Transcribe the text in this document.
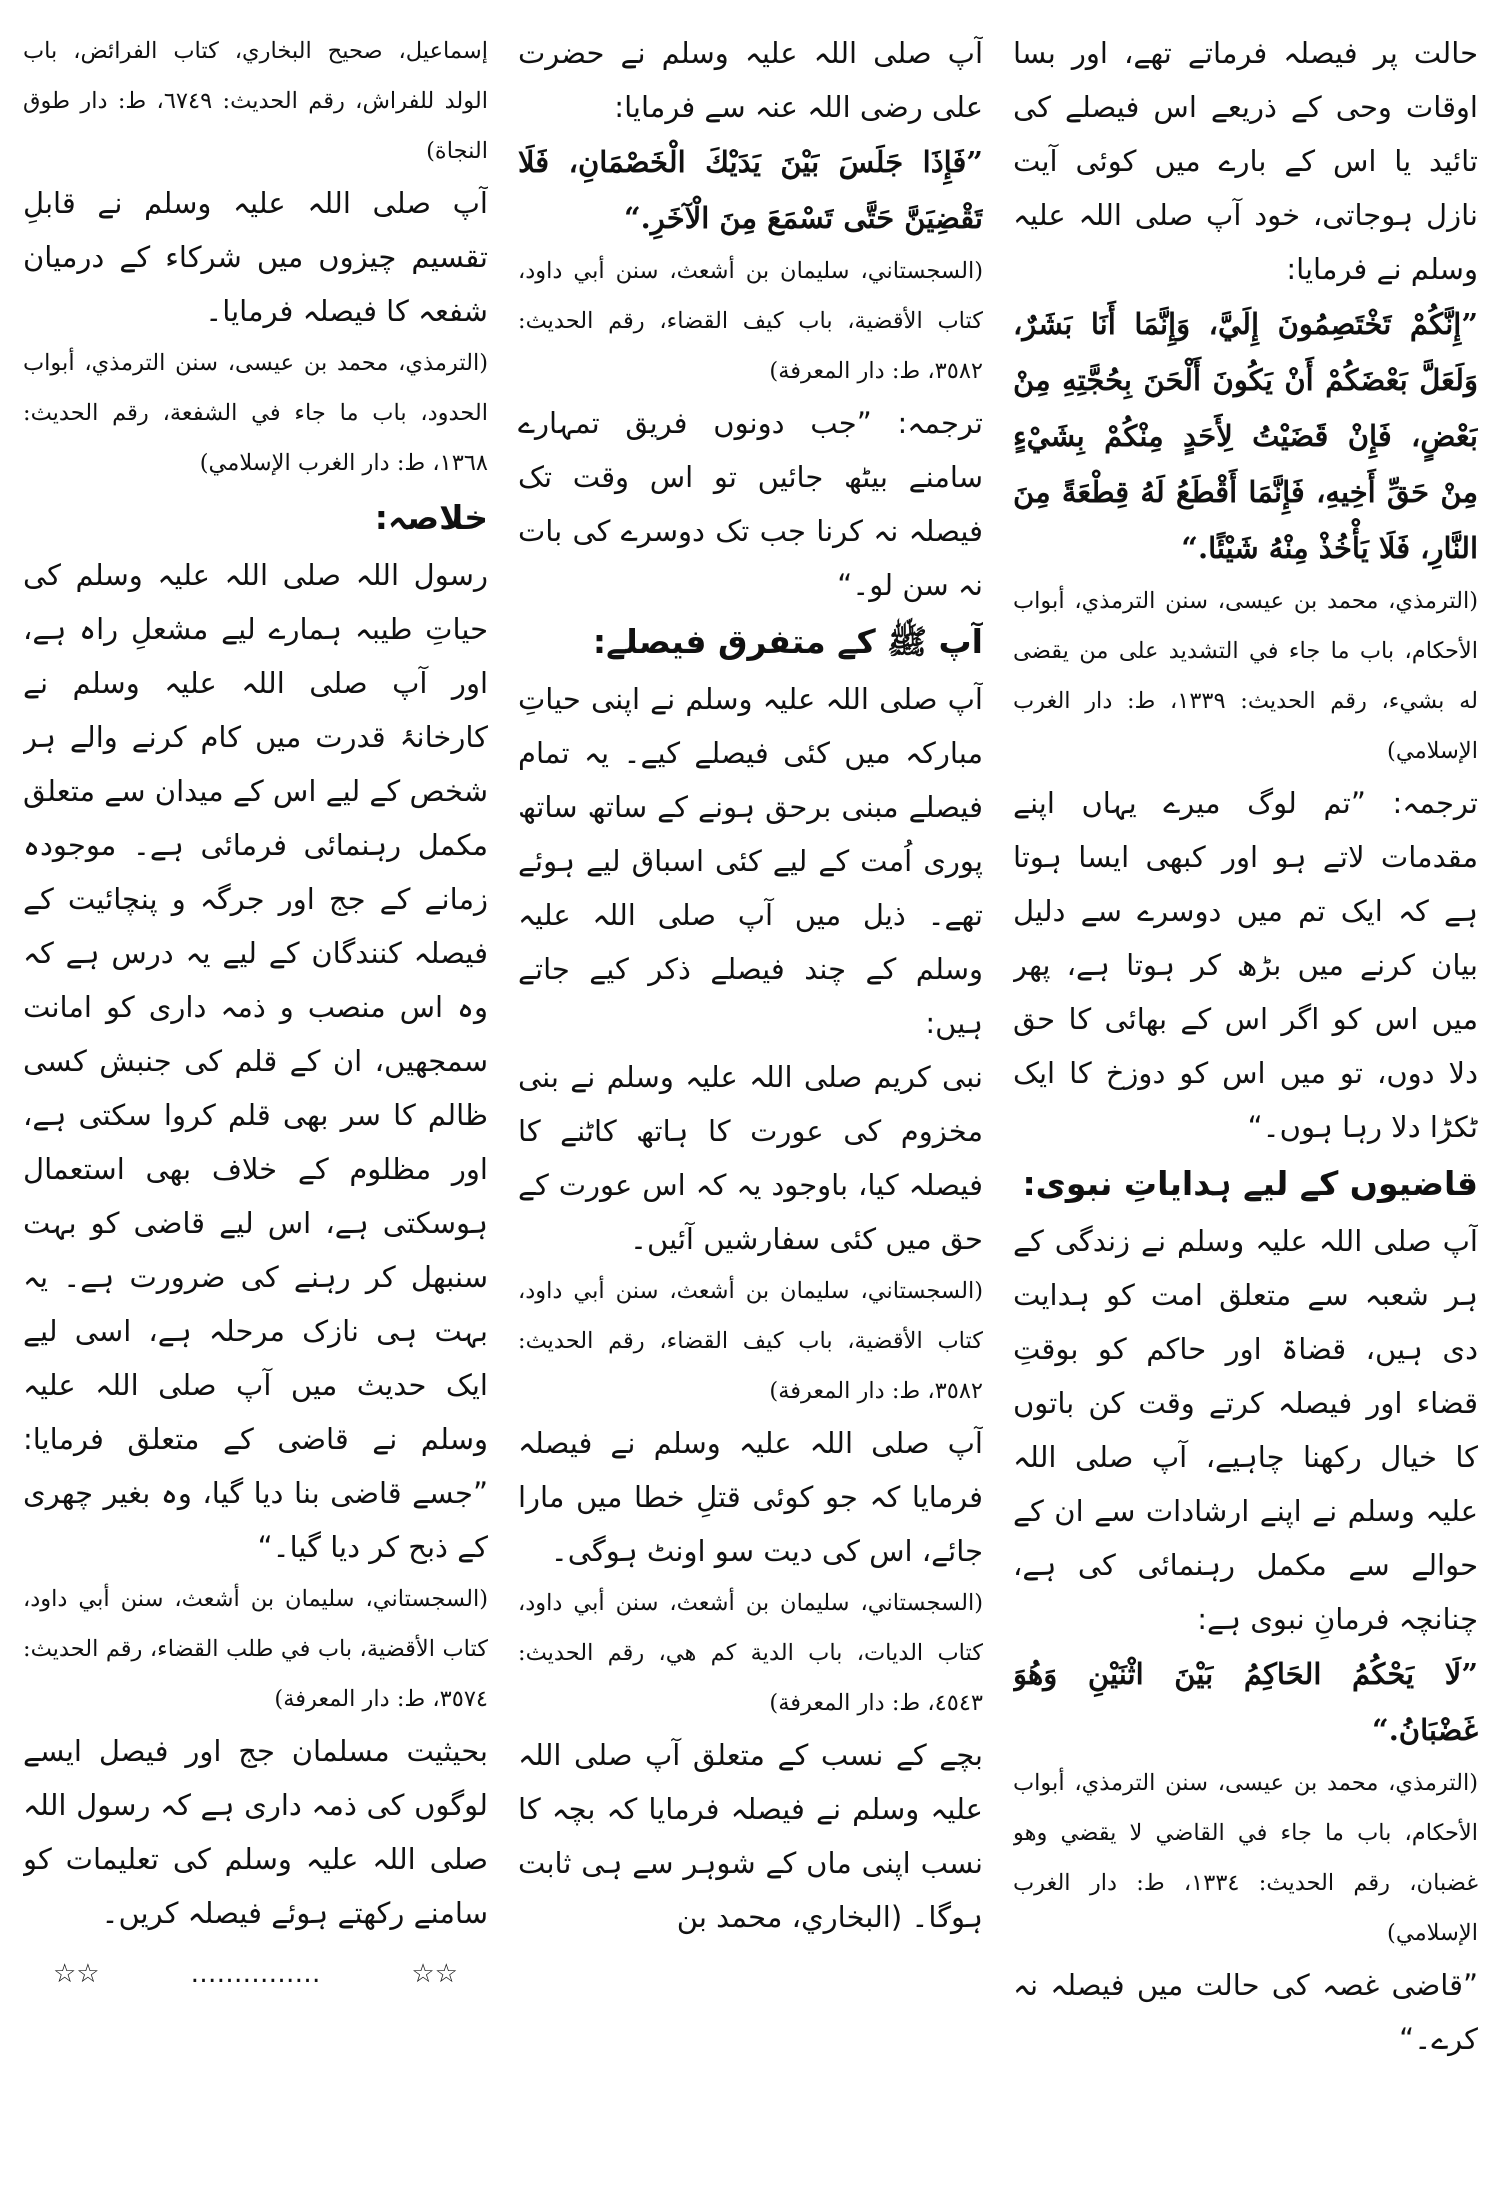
حالت پر فیصلہ فرماتے تھے، اور بسا اوقات وحی کے ذریعے اس فیصلے کی تائید یا اس کے بارے میں کوئی آیت نازل ہوجاتی، خود آپ صلی اللہ علیہ وسلم نے فرمایا:

”إِنَّكُمْ تَخْتَصِمُونَ إِلَيَّ، وَإِنَّمَا أَنَا بَشَرٌ، وَلَعَلَّ بَعْضَكُمْ أَنْ يَكُونَ أَلْحَنَ بِحُجَّتِهِ مِنْ بَعْضٍ، فَإِنْ قَضَيْتُ لِأَحَدٍ مِنْكُمْ بِشَيْءٍ مِنْ حَقِّ أَخِيهِ، فَإِنَّمَا أَقْطَعُ لَهُ قِطْعَةً مِنَ النَّارِ، فَلَا يَأْخُذْ مِنْهُ شَيْئًا.“

(الترمذي، محمد بن عيسى، سنن الترمذي، أبواب الأحكام، باب ما جاء في التشديد على من يقضى له بشيء، رقم الحديث: ١٣٣٩، ط: دار الغرب الإسلامي)

ترجمہ: ”تم لوگ میرے یہاں اپنے مقدمات لاتے ہو اور کبھی ایسا ہوتا ہے کہ ایک تم میں دوسرے سے دلیل بیان کرنے میں بڑھ کر ہوتا ہے، پھر میں اس کو اگر اس کے بھائی کا حق دلا دوں، تو میں اس کو دوزخ کا ایک ٹکڑا دلا رہا ہوں۔“

قاضیوں کے لیے ہدایاتِ نبوی:

آپ صلی اللہ علیہ وسلم نے زندگی کے ہر شعبہ سے متعلق امت کو ہدایت دی ہیں، قضاۃ اور حاکم کو بوقتِ قضاء اور فیصلہ کرتے وقت کن باتوں کا خیال رکھنا چاہیے، آپ صلی اللہ علیہ وسلم نے اپنے ارشادات سے ان کے حوالے سے مکمل رہنمائی کی ہے، چنانچہ فرمانِ نبوی ہے:

”لَا يَحْكُمُ الحَاكِمُ بَيْنَ اثْنَيْنِ وَهُوَ غَضْبَانُ.“

(الترمذي، محمد بن عيسى، سنن الترمذي، أبواب الأحكام، باب ما جاء في القاضي لا يقضي وهو غضبان، رقم الحديث: ١٣٣٤، ط: دار الغرب الإسلامي)

”قاضی غصہ کی حالت میں فیصلہ نہ کرے۔“

آپ صلی اللہ علیہ وسلم نے حضرت علی رضی اللہ عنہ سے فرمایا:

”فَإِذَا جَلَسَ بَيْنَ يَدَيْكَ الْخَصْمَانِ، فَلَا تَقْضِيَنَّ حَتَّى تَسْمَعَ مِنَ الْآخَرِ.“

(السجستاني، سليمان بن أشعث، سنن أبي داود، كتاب الأقضية، باب كيف القضاء، رقم الحديث: ٣٥٨٢، ط: دار المعرفة)

ترجمہ: ”جب دونوں فریق تمہارے سامنے بیٹھ جائیں تو اس وقت تک فیصلہ نہ کرنا جب تک دوسرے کی بات نہ سن لو۔“

آپ ﷺ کے متفرق فیصلے:

آپ صلی اللہ علیہ وسلم نے اپنی حیاتِ مبارکہ میں کئی فیصلے کیے۔ یہ تمام فیصلے مبنی برحق ہونے کے ساتھ ساتھ پوری اُمت کے لیے کئی اسباق لیے ہوئے تھے۔ ذیل میں آپ صلی اللہ علیہ وسلم کے چند فیصلے ذکر کیے جاتے ہیں:

نبی کریم صلی اللہ علیہ وسلم نے بنی مخزوم کی عورت کا ہاتھ کاٹنے کا فیصلہ کیا، باوجود یہ کہ اس عورت کے حق میں کئی سفارشیں آئیں۔

(السجستاني، سليمان بن أشعث، سنن أبي داود، كتاب الأقضية، باب كيف القضاء، رقم الحديث: ٣٥٨٢، ط: دار المعرفة)

آپ صلی اللہ علیہ وسلم نے فیصلہ فرمایا کہ جو کوئی قتلِ خطا میں مارا جائے، اس کی دیت سو اونٹ ہوگی۔

(السجستاني، سليمان بن أشعث، سنن أبي داود، كتاب الديات، باب الدية كم هي، رقم الحديث: ٤٥٤٣، ط: دار المعرفة)

بچے کے نسب کے متعلق آپ صلی اللہ علیہ وسلم نے فیصلہ فرمایا کہ بچہ کا نسب اپنی ماں کے شوہر سے ہی ثابت ہوگا۔ (البخاري، محمد بن

إسماعيل، صحيح البخاري، كتاب الفرائض، باب الولد للفراش، رقم الحديث: ٦٧٤٩، ط: دار طوق النجاة)

آپ صلی اللہ علیہ وسلم نے قابلِ تقسیم چیزوں میں شرکاء کے درمیان شفعہ کا فیصلہ فرمایا۔

(الترمذي، محمد بن عيسى، سنن الترمذي، أبواب الحدود، باب ما جاء في الشفعة، رقم الحديث: ١٣٦٨، ط: دار الغرب الإسلامي)

خلاصہ:

رسول اللہ صلی اللہ علیہ وسلم کی حیاتِ طیبہ ہمارے لیے مشعلِ راہ ہے، اور آپ صلی اللہ علیہ وسلم نے کارخانۂ قدرت میں کام کرنے والے ہر شخص کے لیے اس کے میدان سے متعلق مکمل رہنمائی فرمائی ہے۔ موجودہ زمانے کے جج اور جرگہ و پنچائیت کے فیصلہ کنندگان کے لیے یہ درس ہے کہ وہ اس منصب و ذمہ داری کو امانت سمجھیں، ان کے قلم کی جنبش کسی ظالم کا سر بھی قلم کروا سکتی ہے، اور مظلوم کے خلاف بھی استعمال ہوسکتی ہے، اس لیے قاضی کو بہت سنبھل کر رہنے کی ضرورت ہے۔ یہ بہت ہی نازک مرحلہ ہے، اسی لیے ایک حدیث میں آپ صلی اللہ علیہ وسلم نے قاضی کے متعلق فرمایا: ”جسے قاضی بنا دیا گیا، وہ بغیر چھری کے ذبح کر دیا گیا۔“

(السجستاني، سليمان بن أشعث، سنن أبي داود، كتاب الأقضية، باب في طلب القضاء، رقم الحديث: ٣٥٧٤، ط: دار المعرفة)

بحیثیت مسلمان جج اور فیصل ایسے لوگوں کی ذمہ داری ہے کہ رسول اللہ صلی اللہ علیہ وسلم کی تعلیمات کو سامنے رکھتے ہوئے فیصلہ کریں۔

☆☆
……………
☆☆
